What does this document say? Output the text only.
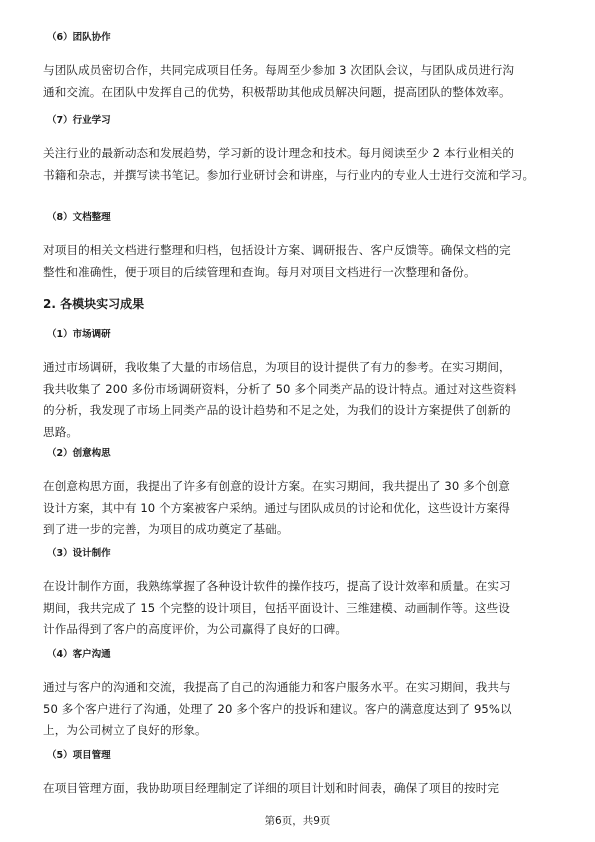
（6）团队协作
与团队成员密切合作，共同完成项目任务。每周至少参加 3 次团队会议，与团队成员进行沟
通和交流。在团队中发挥自己的优势，积极帮助其他成员解决问题，提高团队的整体效率。
（7）行业学习
关注行业的最新动态和发展趋势，学习新的设计理念和技术。每月阅读至少 2 本行业相关的
书籍和杂志，并撰写读书笔记。参加行业研讨会和讲座，与行业内的专业人士进行交流和学习。
（8）文档整理
对项目的相关文档进行整理和归档，包括设计方案、调研报告、客户反馈等。确保文档的完
整性和准确性，便于项目的后续管理和查询。每月对项目文档进行一次整理和备份。
2. 各模块实习成果
（1）市场调研
通过市场调研，我收集了大量的市场信息，为项目的设计提供了有力的参考。在实习期间，
我共收集了 200 多份市场调研资料，分析了 50 多个同类产品的设计特点。通过对这些资料
的分析，我发现了市场上同类产品的设计趋势和不足之处，为我们的设计方案提供了创新的
思路。
（2）创意构思
在创意构思方面，我提出了许多有创意的设计方案。在实习期间，我共提出了 30 多个创意
设计方案，其中有 10 个方案被客户采纳。通过与团队成员的讨论和优化，这些设计方案得
到了进一步的完善，为项目的成功奠定了基础。
（3）设计制作
在设计制作方面，我熟练掌握了各种设计软件的操作技巧，提高了设计效率和质量。在实习
期间，我共完成了 15 个完整的设计项目，包括平面设计、三维建模、动画制作等。这些设
计作品得到了客户的高度评价，为公司赢得了良好的口碑。
（4）客户沟通
通过与客户的沟通和交流，我提高了自己的沟通能力和客户服务水平。在实习期间，我共与
50 多个客户进行了沟通，处理了 20 多个客户的投诉和建议。客户的满意度达到了 95%以
上，为公司树立了良好的形象。
（5）项目管理
在项目管理方面，我协助项目经理制定了详细的项目计划和时间表，确保了项目的按时完
第6页，共9页
